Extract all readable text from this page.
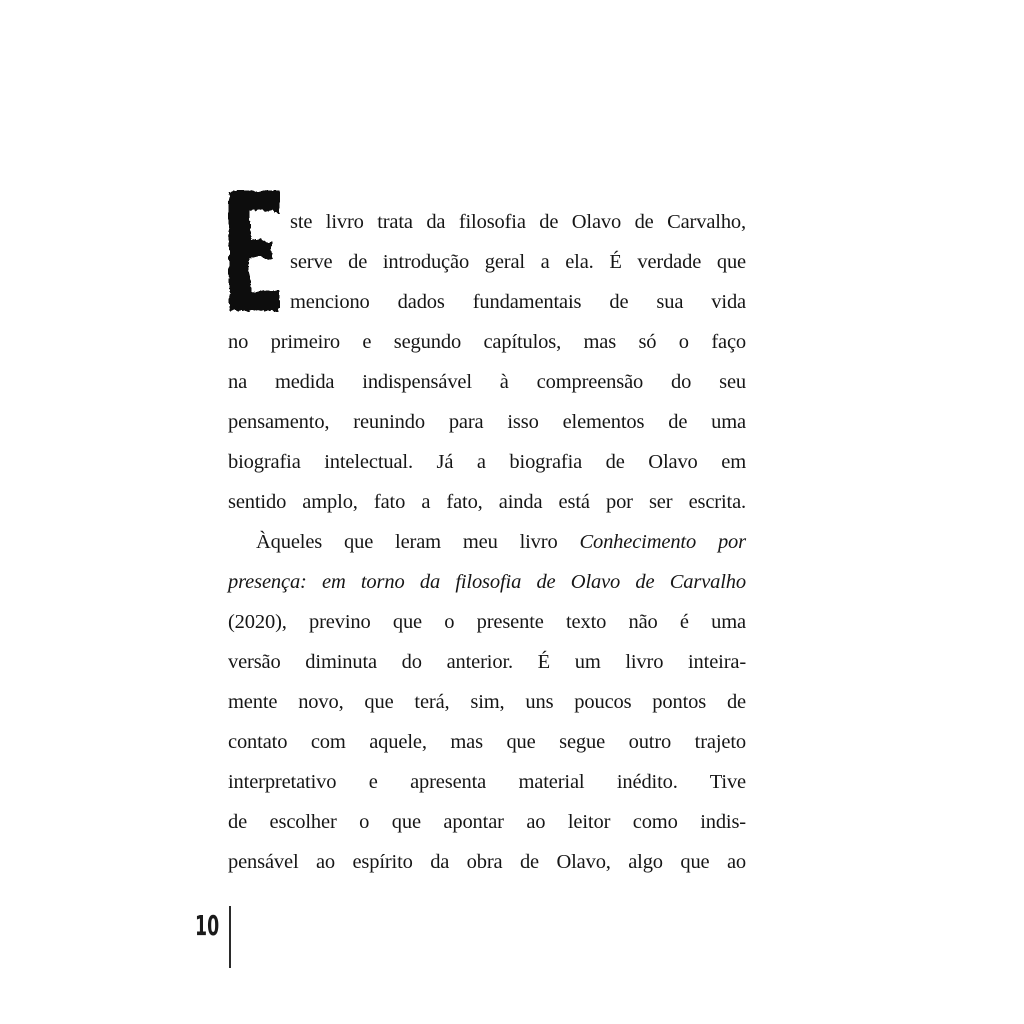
ste livro trata da filosofia de Olavo de Carvalho,
serve de introdução geral a ela. É verdade que
menciono dados fundamentais de sua vida
no primeiro e segundo capítulos, mas só o faço
na medida indispensável à compreensão do seu
pensamento, reunindo para isso elementos de uma
biografia intelectual. Já a biografia de Olavo em
sentido amplo, fato a fato, ainda está por ser escrita.
Àqueles que leram meu livro Conhecimento por
presença: em torno da filosofia de Olavo de Carvalho
(2020), previno que o presente texto não é uma
versão diminuta do anterior. É um livro inteira-
mente novo, que terá, sim, uns poucos pontos de
contato com aquele, mas que segue outro trajeto
interpretativo e apresenta material inédito. Tive
de escolher o que apontar ao leitor como indis-
pensável ao espírito da obra de Olavo, algo que ao
10
